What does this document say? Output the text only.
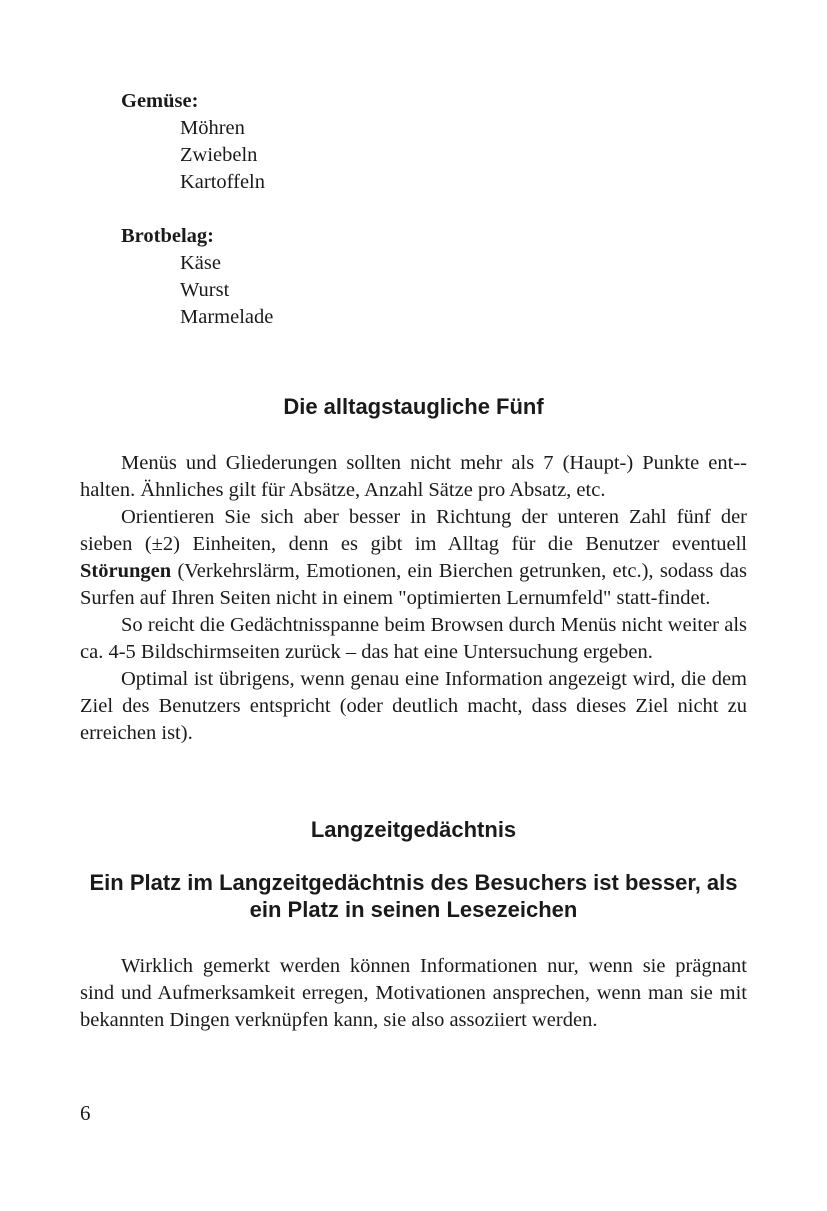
Gemüse:
Möhren
Zwiebeln
Kartoffeln
Brotbelag:
Käse
Wurst
Marmelade
Die alltagstaugliche Fünf

Menüs und Gliederungen sollten nicht mehr als 7 (Haupt-) Punkte ent-halten. Ähnliches gilt für Absätze, Anzahl Sätze pro Absatz, etc.

Orientieren Sie sich aber besser in Richtung der unteren Zahl fünf der sieben (±2) Einheiten, denn es gibt im Alltag für die Benutzer eventuell Störungen (Verkehrslärm, Emotionen, ein Bierchen getrunken, etc.), sodass das Surfen auf Ihren Seiten nicht in einem "optimierten Lernumfeld" statt-findet.

So reicht die Gedächtnisspanne beim Browsen durch Menüs nicht weiter als ca. 4-5 Bildschirmseiten zurück – das hat eine Untersuchung ergeben.

Optimal ist übrigens, wenn genau eine Information angezeigt wird, die dem Ziel des Benutzers entspricht (oder deutlich macht, dass dieses Ziel nicht zu erreichen ist).

Langzeitgedächtnis
Ein Platz im Langzeitgedächtnis des Besuchers ist besser, als ein Platz in seinen Lesezeichen

Wirklich gemerkt werden können Informationen nur, wenn sie prägnant sind und Aufmerksamkeit erregen, Motivationen ansprechen, wenn man sie mit bekannten Dingen verknüpfen kann, sie also assoziiert werden.

6
